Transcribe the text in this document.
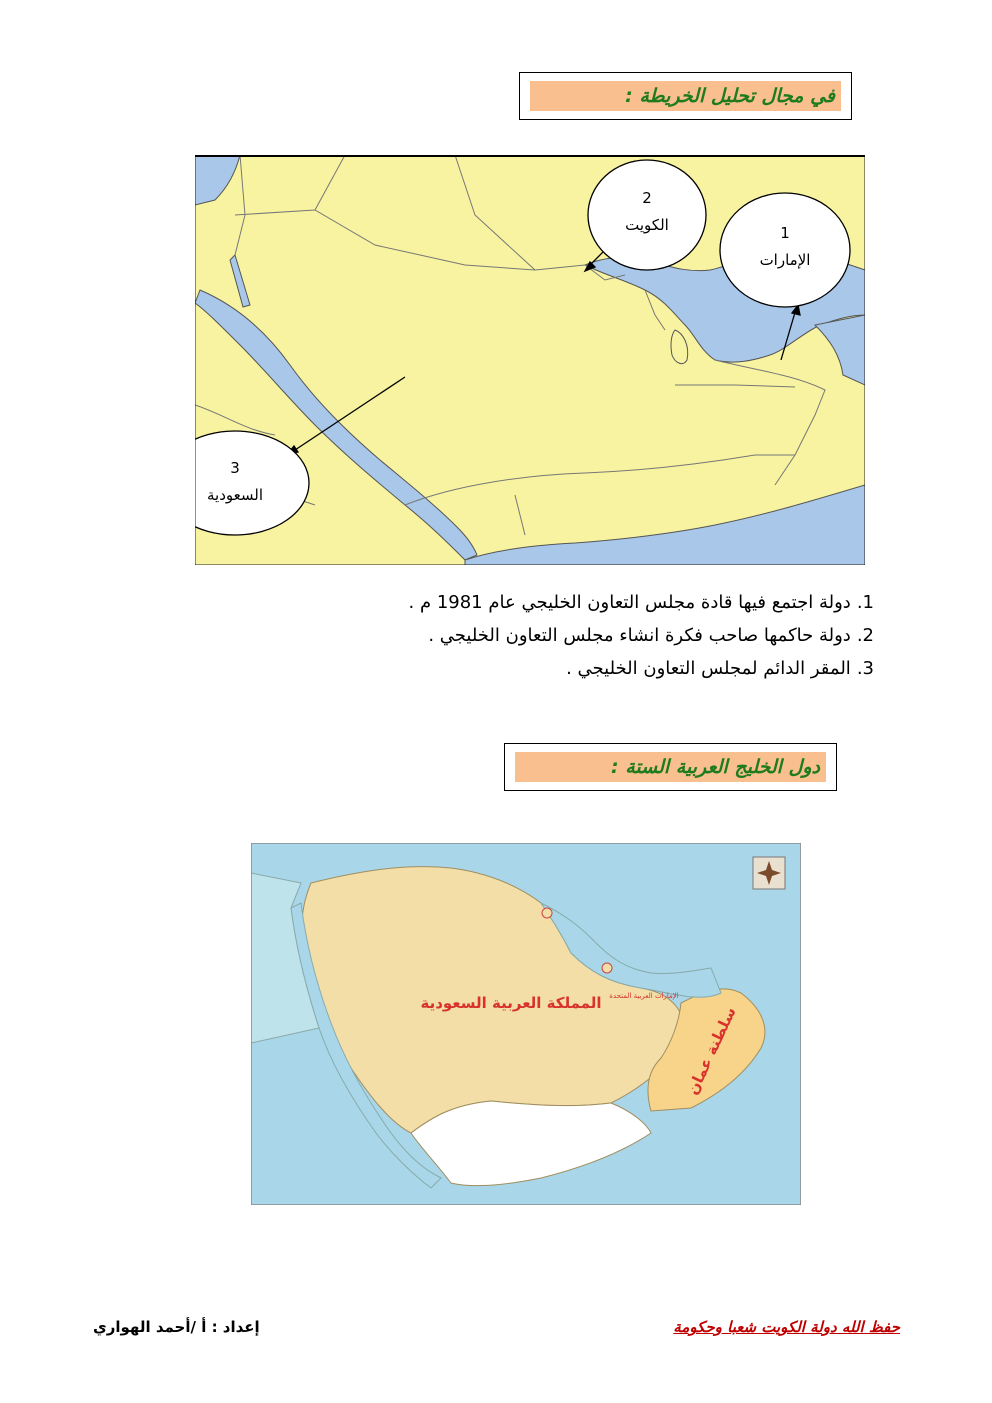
في مجال تحليل الخريطة :
2
الكويت	1
الإمارات
3
السعودية
1.دولة اجتمع فيها قادة مجلس التعاون الخليجي عام 1981 م .
2.دولة حاكمها صاحب فكرة انشاء مجلس التعاون الخليجي .
3.المقر الدائم لمجلس التعاون الخليجي .
دول الخليج العربية الستة :
المملكة العربية السعودية
سلطنة عمان
الإمارات العربية المتحدة
إعداد : أ /أحمد الهواري	حفظ الله دولة الكويت شعبا وحكومة
